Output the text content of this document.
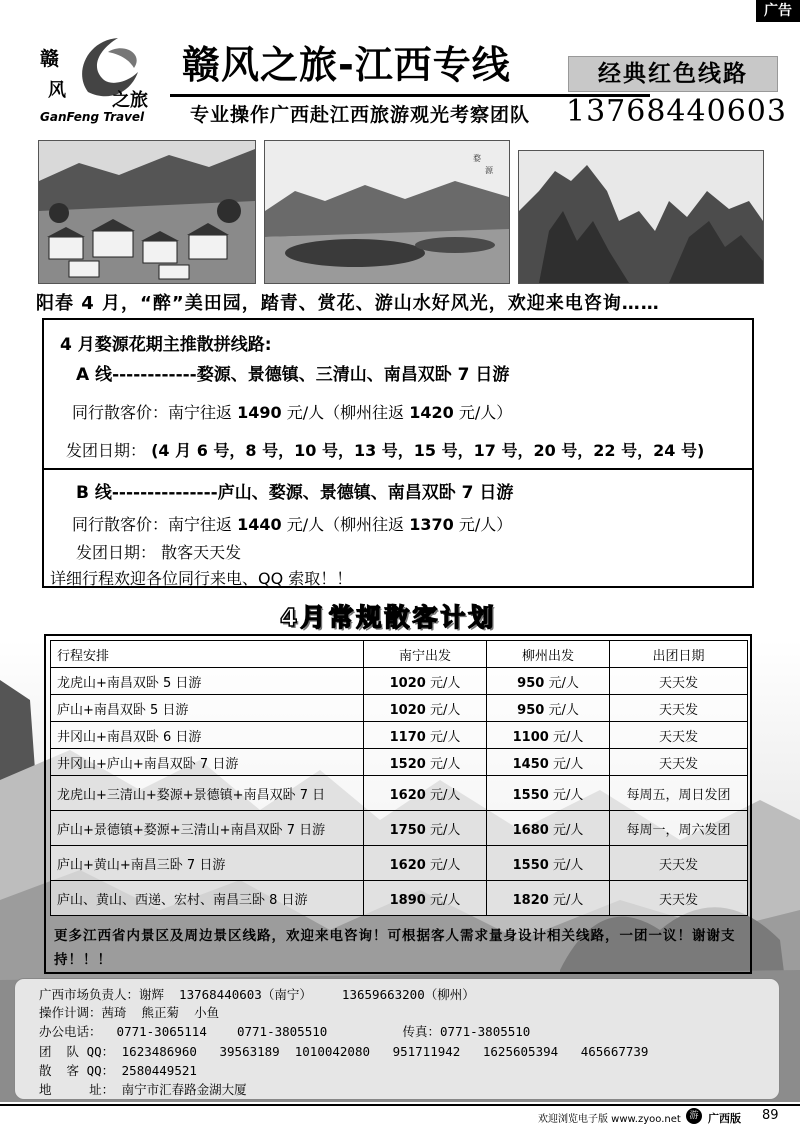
广告
赣
风	之旅
GanFeng Travel
赣风之旅-江西专线
专业操作广西赴江西旅游观光考察团队
经典红色线路
13768440603
婺
源
阳春 4 月，“醉”美田园，踏青、赏花、游山水好风光，欢迎来电咨询……
4 月婺源花期主推散拼线路:
A 线------------婺源、景德镇、三清山、南昌双卧 7 日游
同行散客价：南宁往返 1490 元/人（柳州往返 1420 元/人）
发团日期： (4 月 6 号，8 号，10 号，13 号，15 号，17 号，20 号，22 号，24 号)
B 线---------------庐山、婺源、景德镇、南昌双卧 7 日游
同行散客价：南宁往返 1440 元/人（柳州往返 1370 元/人）
发团日期： 散客天天发
详细行程欢迎各位同行来电、QQ 索取！！
4月常规散客计划
行程安排	南宁出发	柳州出发	出团日期
龙虎山+南昌双卧 5 日游	1020 元/人	950 元/人	天天发
庐山+南昌双卧 5 日游	1020 元/人	950 元/人	天天发
井冈山+南昌双卧 6 日游	1170 元/人	1100 元/人	天天发
井冈山+庐山+南昌双卧 7 日游	1520 元/人	1450 元/人	天天发
龙虎山+三清山+婺源+景德镇+南昌双卧 7 日	1620 元/人	1550 元/人	每周五，周日发团
庐山+景德镇+婺源+三清山+南昌双卧 7 日游	1750 元/人	1680 元/人	每周一，周六发团
庐山+黄山+南昌三卧 7 日游	1620 元/人	1550 元/人	天天发
庐山、黄山、西递、宏村、南昌三卧 8 日游	1890 元/人	1820 元/人	天天发
更多江西省内景区及周边景区线路，欢迎来电咨询！可根据客人需求量身设计相关线路，一团一议！谢谢支持！！！
广西市场负责人：谢辉  13768440603（南宁）    13659663200（柳州）
操作计调：茜琦  熊正菊  小鱼
办公电话：  0771-3065114    0771-3805510          传真：0771-3805510
团  队 QQ： 1623486960   39563189  1010042080   951711942   1625605394   465667739
散  客 QQ： 2580449521
地     址： 南宁市汇春路金湖大厦
欢迎浏览电子版 www.zyoo.net 游 广西版 89
